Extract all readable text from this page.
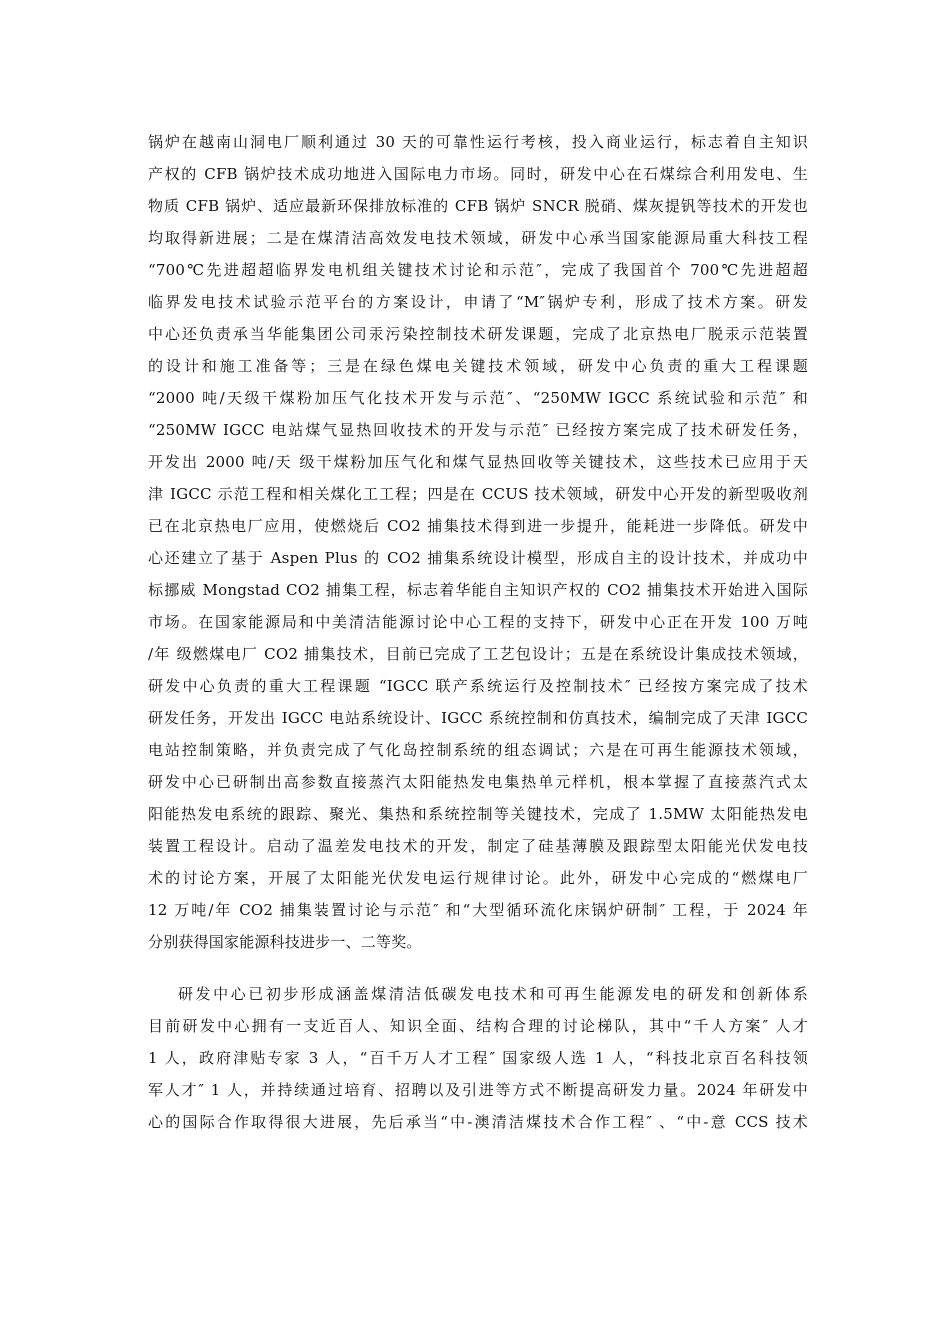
锅炉在越南山洞电厂顺利通过 30 天的可靠性运行考核，投入商业运行，标志着自主知识
产权的 CFB 锅炉技术成功地进入国际电力市场。同时，研发中心在石煤综合利用发电、生
物质 CFB 锅炉、适应最新环保排放标准的 CFB 锅炉 SNCR 脱硝、煤灰提钒等技术的开发也
均取得新进展；二是在煤清洁高效发电技术领域，研发中心承当国家能源局重大科技工程
“700℃先进超超临界发电机组关键技术讨论和示范″，完成了我国首个 700℃先进超超
临界发电技术试验示范平台的方案设计，申请了“M″锅炉专利，形成了技术方案。研发
中心还负责承当华能集团公司汞污染控制技术研发课题，完成了北京热电厂脱汞示范装置
的设计和施工准备等；三是在绿色煤电关键技术领域，研发中心负责的重大工程课题
“2000 吨/天级干煤粉加压气化技术开发与示范″、“250MW IGCC 系统试验和示范″ 和
“250MW IGCC 电站煤气显热回收技术的开发与示范″ 已经按方案完成了技术研发任务，
开发出 2000 吨/天 级干煤粉加压气化和煤气显热回收等关键技术，这些技术已应用于天
津 IGCC 示范工程和相关煤化工工程；四是在 CCUS 技术领域，研发中心开发的新型吸收剂
已在北京热电厂应用，使燃烧后 CO2 捕集技术得到进一步提升，能耗进一步降低。研发中
心还建立了基于 Aspen Plus 的 CO2 捕集系统设计模型，形成自主的设计技术，并成功中
标挪威 Mongstad CO2 捕集工程，标志着华能自主知识产权的 CO2 捕集技术开始进入国际
市场。在国家能源局和中美清洁能源讨论中心工程的支持下，研发中心正在开发 100 万吨
/年 级燃煤电厂 CO2 捕集技术，目前已完成了工艺包设计；五是在系统设计集成技术领域，
研发中心负责的重大工程课题 “IGCC 联产系统运行及控制技术″ 已经按方案完成了技术
研发任务，开发出 IGCC 电站系统设计、IGCC 系统控制和仿真技术，编制完成了天津 IGCC
电站控制策略，并负责完成了气化岛控制系统的组态调试；六是在可再生能源技术领域，
研发中心已研制出高参数直接蒸汽太阳能热发电集热单元样机，根本掌握了直接蒸汽式太
阳能热发电系统的跟踪、聚光、集热和系统控制等关键技术，完成了 1.5MW 太阳能热发电
装置工程设计。启动了温差发电技术的开发，制定了硅基薄膜及跟踪型太阳能光伏发电技
术的讨论方案，开展了太阳能光伏发电运行规律讨论。此外，研发中心完成的“燃煤电厂
12 万吨/年 CO2 捕集装置讨论与示范″ 和“大型循环流化床锅炉研制″ 工程，于 2024 年
分别获得国家能源科技进步一、二等奖。
研发中心已初步形成涵盖煤清洁低碳发电技术和可再生能源发电的研发和创新体系
目前研发中心拥有一支近百人、知识全面、结构合理的讨论梯队，其中“千人方案″ 人才
1 人，政府津贴专家 3 人，“百千万人才工程″ 国家级人选 1 人，“科技北京百名科技领
军人才″ 1 人，并持续通过培育、招聘以及引进等方式不断提高研发力量。2024 年研发中
心的国际合作取得很大进展，先后承当“中-澳清洁煤技术合作工程″ 、“中-意 CCS 技术
